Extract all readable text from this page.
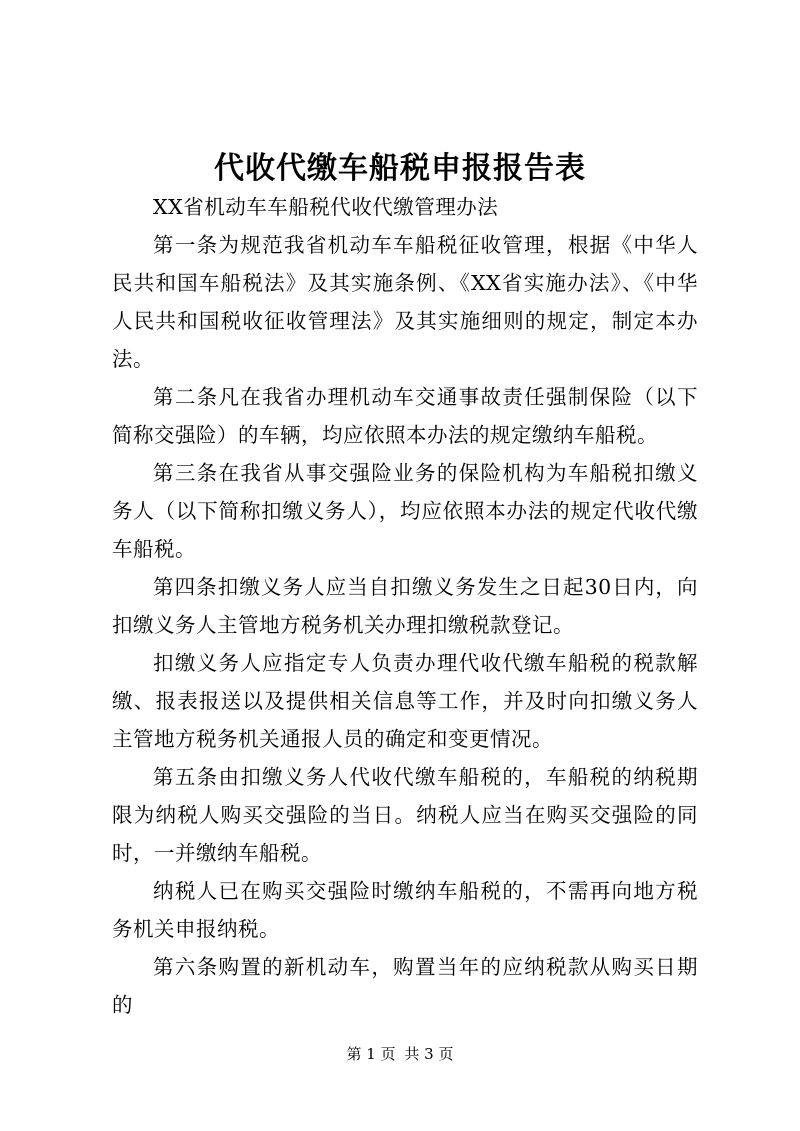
代收代缴车船税申报报告表

XX省机动车车船税代收代缴管理办法

第一条为规范我省机动车车船税征收管理，根据《中华人民共和国车船税法》及其实施条例、《XX省实施办法》、《中华人民共和国税收征收管理法》及其实施细则的规定，制定本办法。

第二条凡在我省办理机动车交通事故责任强制保险（以下简称交强险）的车辆，均应依照本办法的规定缴纳车船税。

第三条在我省从事交强险业务的保险机构为车船税扣缴义务人（以下简称扣缴义务人），均应依照本办法的规定代收代缴车船税。

第四条扣缴义务人应当自扣缴义务发生之日起30日内，向扣缴义务人主管地方税务机关办理扣缴税款登记。

扣缴义务人应指定专人负责办理代收代缴车船税的税款解缴、报表报送以及提供相关信息等工作，并及时向扣缴义务人主管地方税务机关通报人员的确定和变更情况。

第五条由扣缴义务人代收代缴车船税的，车船税的纳税期限为纳税人购买交强险的当日。纳税人应当在购买交强险的同时，一并缴纳车船税。

纳税人已在购买交强险时缴纳车船税的，不需再向地方税务机关申报纳税。

第六条购置的新机动车，购置当年的应纳税款从购买日期的

第 1 页 共 3 页
